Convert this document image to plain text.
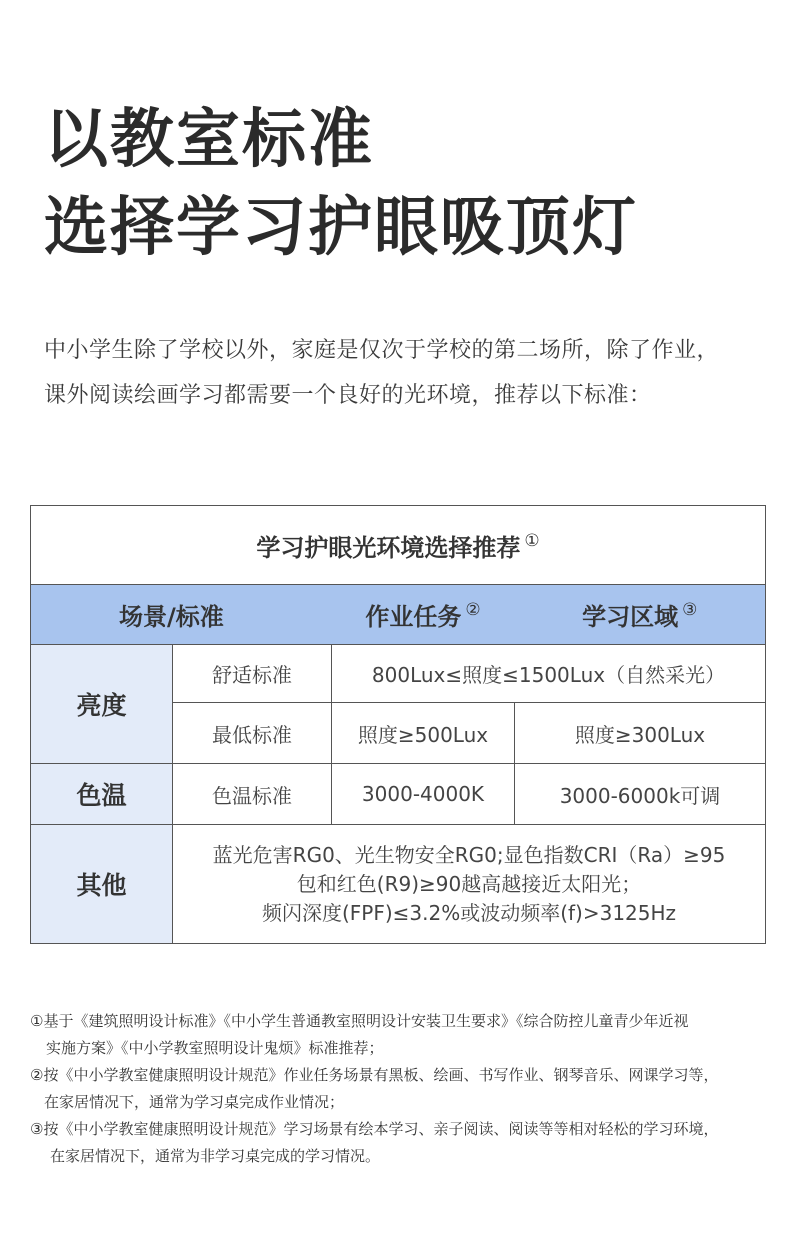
以教室标准
选择学习护眼吸顶灯
中小学生除了学校以外，家庭是仅次于学校的第二场所，除了作业，
课外阅读绘画学习都需要一个良好的光环境，推荐以下标准：
学习护眼光环境选择推荐 ①
场景/标准		作业任务 ②	学习区域 ③
亮度	舒适标准	800Lux≤照度≤1500Lux（自然采光）	
	最低标准	照度≥500Lux	照度≥300Lux
色温	色温标准	3000-4000K	3000-6000k可调
其他	蓝光危害RG0、光生物安全RG0;显色指数CRI（Ra）≥95
包和红色(R9)≥90越高越接近太阳光；
频闪深度(FPF)≤3.2%或波动频率(f)>3125Hz		
①基于《建筑照明设计标准》《中小学生普通教室照明设计安装卫生要求》《综合防控儿童青少年近视
实施方案》《中小学教室照明设计鬼烦》标准推荐；
②按《中小学教室健康照明设计规范》作业任务场景有黑板、绘画、书写作业、钢琴音乐、网课学习等，
在家居情况下，通常为学习桌完成作业情况；
③按《中小学教室健康照明设计规范》学习场景有绘本学习、亲子阅读、阅读等等相对轻松的学习环境，
在家居情况下，通常为非学习桌完成的学习情况。
